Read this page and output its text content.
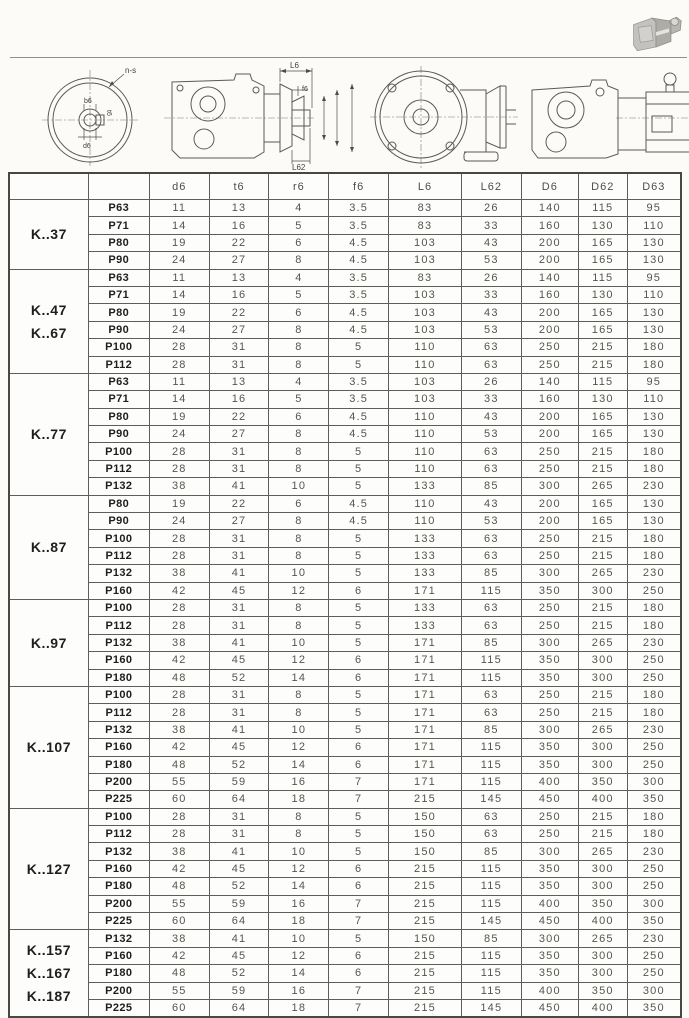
n-s
b6
t6
d6
L6
f6
L62
		d6	t6	r6	f6	L6	L62	D6	D62	D63

K..37	P63	11	13	4	3.5	83	26	140	115	95
	P71	14	16	5	3.5	83	33	160	130	110
	P80	19	22	6	4.5	103	43	200	165	130
	P90	24	27	8	4.5	103	53	200	165	130

K..47
K..67	P63	11	13	4	3.5	83	26	140	115	95
	P71	14	16	5	3.5	103	33	160	130	110
	P80	19	22	6	4.5	103	43	200	165	130
	P90	24	27	8	4.5	103	53	200	165	130
	P100	28	31	8	5	110	63	250	215	180
	P112	28	31	8	5	110	63	250	215	180

K..77	P63	11	13	4	3.5	103	26	140	115	95
	P71	14	16	5	3.5	103	33	160	130	110
	P80	19	22	6	4.5	110	43	200	165	130
	P90	24	27	8	4.5	110	53	200	165	130
	P100	28	31	8	5	110	63	250	215	180
	P112	28	31	8	5	110	63	250	215	180
	P132	38	41	10	5	133	85	300	265	230

K..87	P80	19	22	6	4.5	110	43	200	165	130
	P90	24	27	8	4.5	110	53	200	165	130
	P100	28	31	8	5	133	63	250	215	180
	P112	28	31	8	5	133	63	250	215	180
	P132	38	41	10	5	133	85	300	265	230
	P160	42	45	12	6	171	115	350	300	250

K..97	P100	28	31	8	5	133	63	250	215	180
	P112	28	31	8	5	133	63	250	215	180
	P132	38	41	10	5	171	85	300	265	230
	P160	42	45	12	6	171	115	350	300	250
	P180	48	52	14	6	171	115	350	300	250

K..107	P100	28	31	8	5	171	63	250	215	180
	P112	28	31	8	5	171	63	250	215	180
	P132	38	41	10	5	171	85	300	265	230
	P160	42	45	12	6	171	115	350	300	250
	P180	48	52	14	6	171	115	350	300	250
	P200	55	59	16	7	171	115	400	350	300
	P225	60	64	18	7	215	145	450	400	350

K..127	P100	28	31	8	5	150	63	250	215	180
	P112	28	31	8	5	150	63	250	215	180
	P132	38	41	10	5	150	85	300	265	230
	P160	42	45	12	6	215	115	350	300	250
	P180	48	52	14	6	215	115	350	300	250
	P200	55	59	16	7	215	115	400	350	300
	P225	60	64	18	7	215	145	450	400	350

K..157
K..167
K..187	P132	38	41	10	5	150	85	300	265	230
	P160	42	45	12	6	215	115	350	300	250
	P180	48	52	14	6	215	115	350	300	250
	P200	55	59	16	7	215	115	400	350	300
	P225	60	64	18	7	215	145	450	400	350
